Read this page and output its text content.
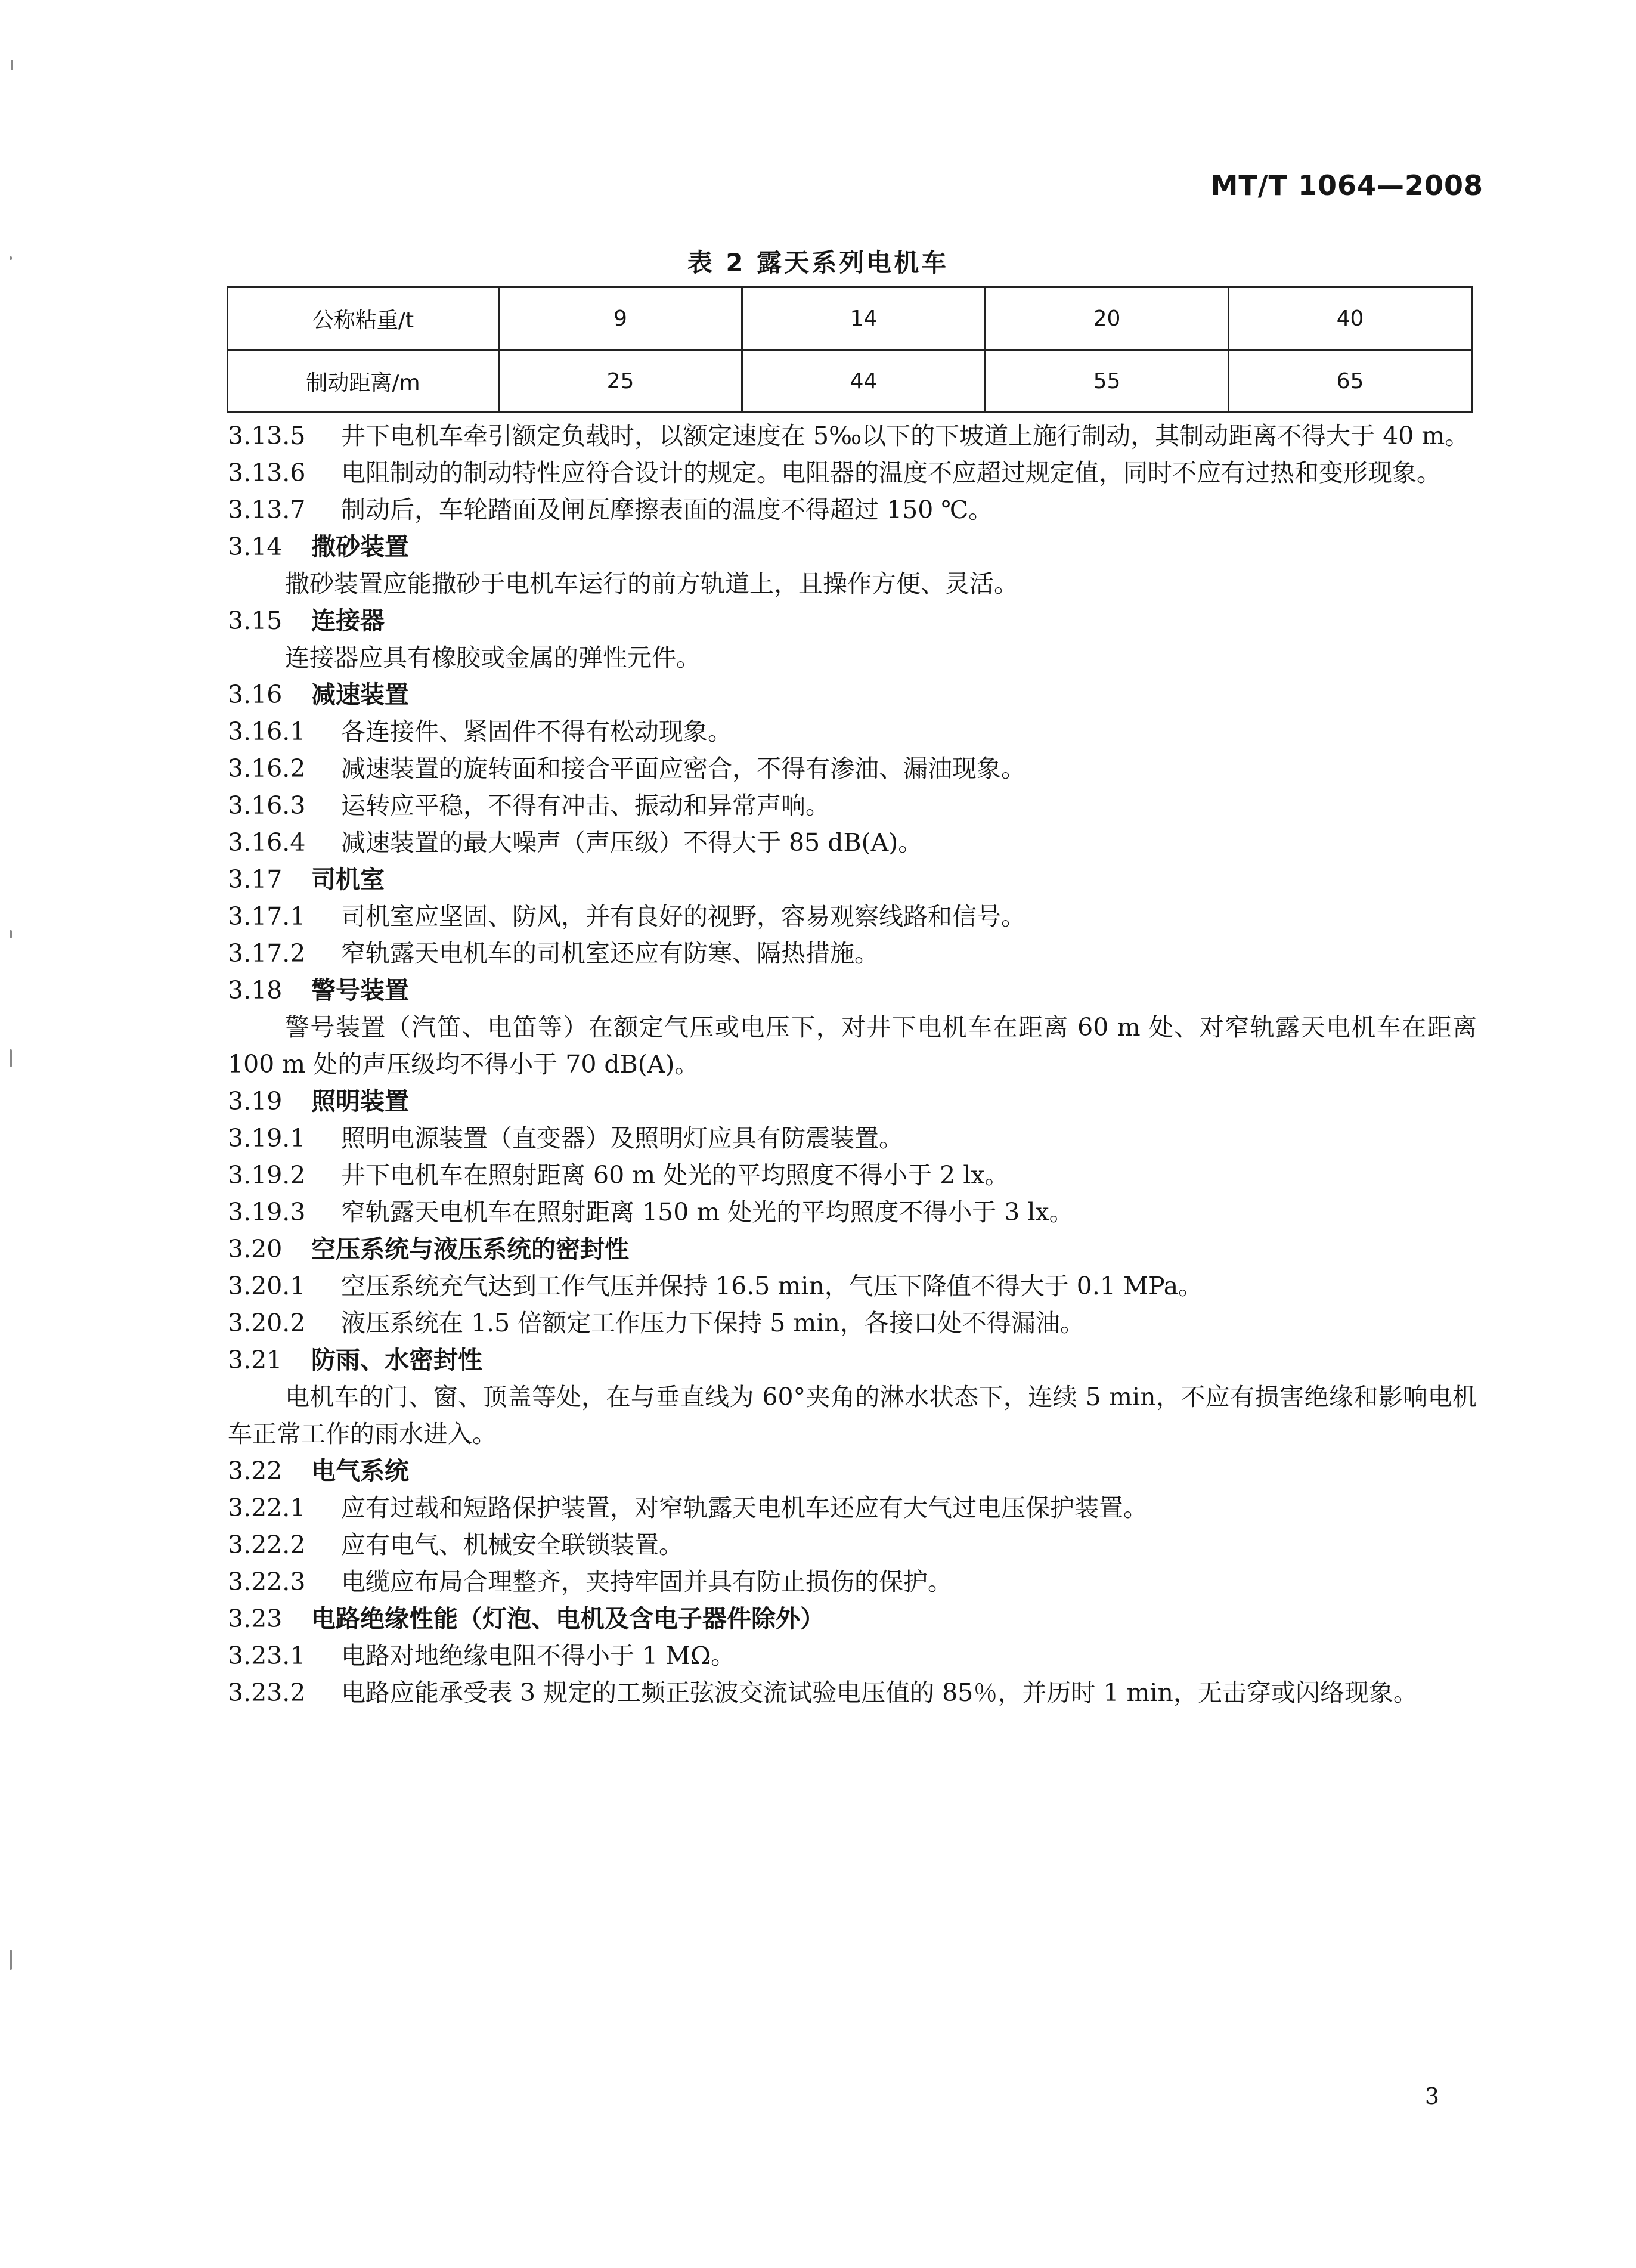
MT/T 1064—2008
表 2 露天系列电机车
公称粘重/t	9	14	20	40
制动距离/m	25	44	55	65

3.13.5 井下电机车牵引额定负载时，以额定速度在 5‰以下的下坡道上施行制动，其制动距离不得大于 40 m。

3.13.6 电阻制动的制动特性应符合设计的规定。电阻器的温度不应超过规定值，同时不应有过热和变形现象。

3.13.7 制动后，车轮踏面及闸瓦摩擦表面的温度不得超过 150 ℃。

3.14 撒砂装置

撒砂装置应能撒砂于电机车运行的前方轨道上，且操作方便、灵活。

3.15 连接器

连接器应具有橡胶或金属的弹性元件。

3.16 减速装置

3.16.1 各连接件、紧固件不得有松动现象。

3.16.2 减速装置的旋转面和接合平面应密合，不得有渗油、漏油现象。

3.16.3 运转应平稳，不得有冲击、振动和异常声响。

3.16.4 减速装置的最大噪声（声压级）不得大于 85 dB(A)。

3.17 司机室

3.17.1 司机室应坚固、防风，并有良好的视野，容易观察线路和信号。

3.17.2 窄轨露天电机车的司机室还应有防寒、隔热措施。

3.18 警号装置

警号装置（汽笛、电笛等）在额定气压或电压下，对井下电机车在距离 60 m 处、对窄轨露天电机车在距离 100 m 处的声压级均不得小于 70 dB(A)。

3.19 照明装置

3.19.1 照明电源装置（直变器）及照明灯应具有防震装置。

3.19.2 井下电机车在照射距离 60 m 处光的平均照度不得小于 2 lx。

3.19.3 窄轨露天电机车在照射距离 150 m 处光的平均照度不得小于 3 lx。

3.20 空压系统与液压系统的密封性

3.20.1 空压系统充气达到工作气压并保持 16.5 min，气压下降值不得大于 0.1 MPa。

3.20.2 液压系统在 1.5 倍额定工作压力下保持 5 min，各接口处不得漏油。

3.21 防雨、水密封性

电机车的门、窗、顶盖等处，在与垂直线为 60°夹角的淋水状态下，连续 5 min，不应有损害绝缘和影响电机车正常工作的雨水进入。

3.22 电气系统

3.22.1 应有过载和短路保护装置，对窄轨露天电机车还应有大气过电压保护装置。

3.22.2 应有电气、机械安全联锁装置。

3.22.3 电缆应布局合理整齐，夹持牢固并具有防止损伤的保护。

3.23 电路绝缘性能（灯泡、电机及含电子器件除外）

3.23.1 电路对地绝缘电阻不得小于 1 MΩ。

3.23.2 电路应能承受表 3 规定的工频正弦波交流试验电压值的 85％，并历时 1 min，无击穿或闪络现象。

3
